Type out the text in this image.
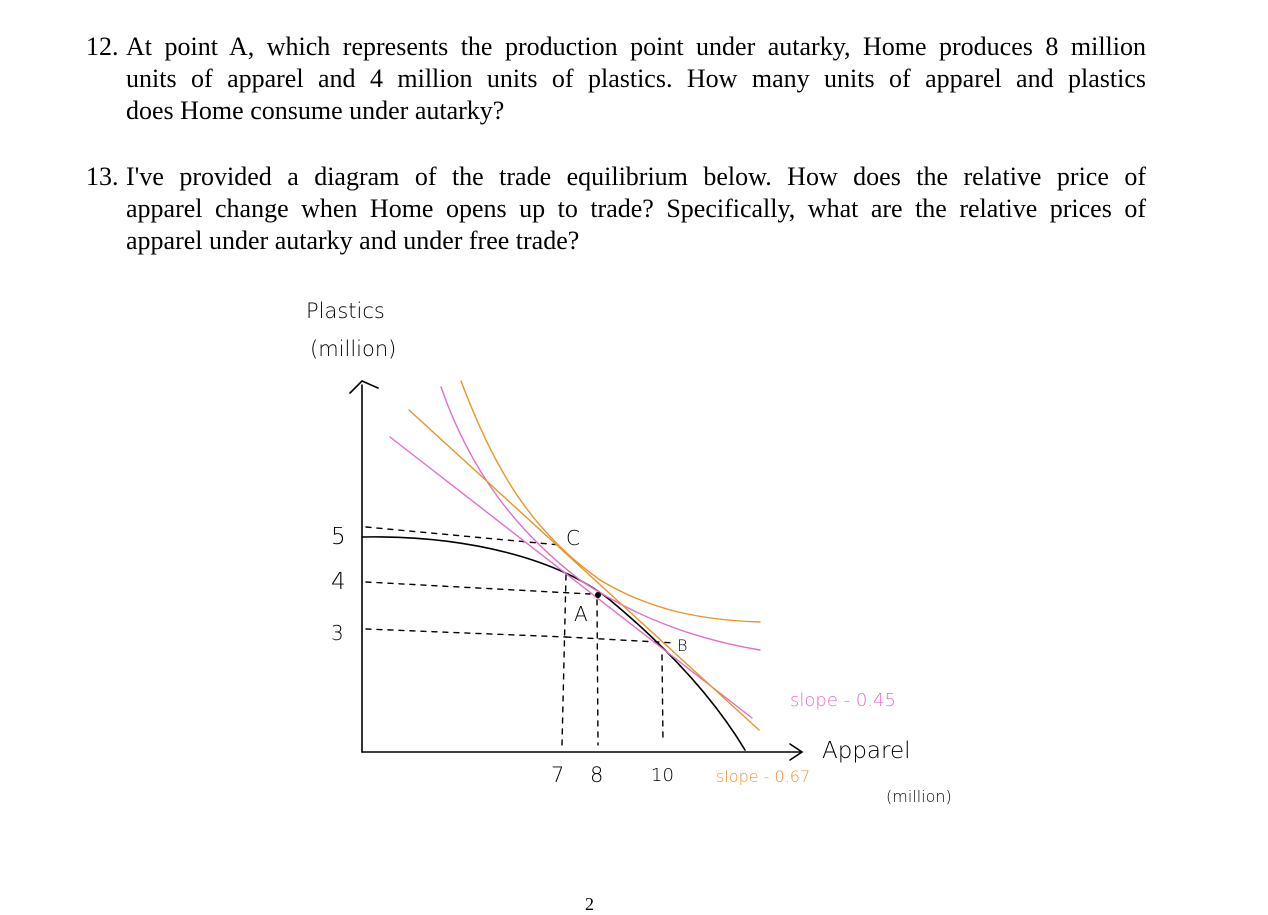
12. At point A, which represents the production point under autarky, Home produces 8 million
units of apparel and 4 million units of plastics. How many units of apparel and plastics
does Home consume under autarky?
13. I've provided a diagram of the trade equilibrium below. How does the relative price of
apparel change when Home opens up to trade? Specifically, what are the relative prices of
apparel under autarky and under free trade?
Plastics
(million)
5
4
3
7 8	10
C
A
B
Apparel
(million)
slope - 0.45
slope - 0.67
2
